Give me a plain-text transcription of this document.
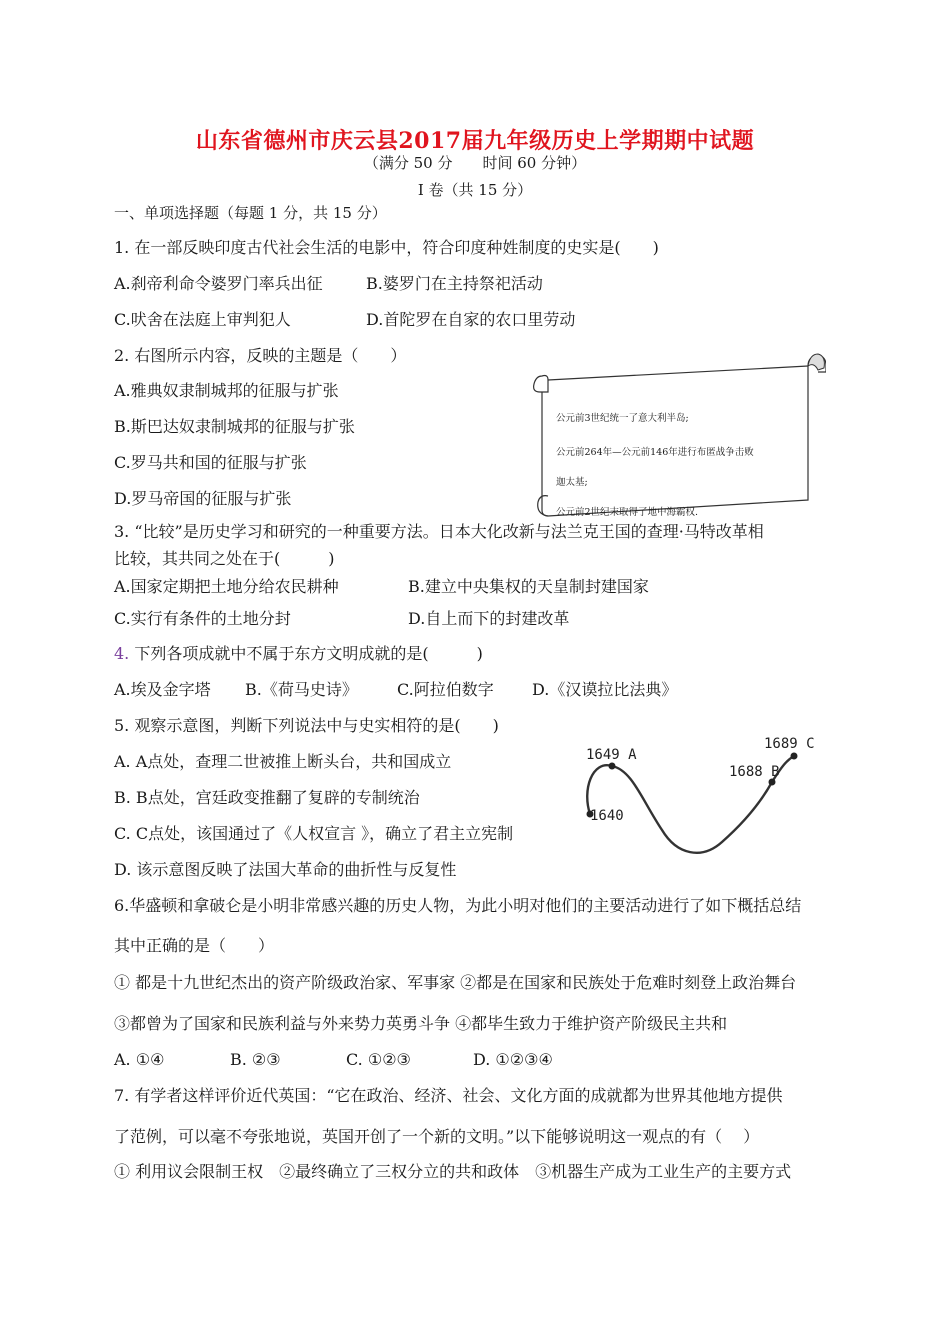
山东省德州市庆云县2017届九年级历史上学期期中试题
（满分 50 分　　时间 60 分钟）
Ⅰ 卷（共 15 分）
一、单项选择题（每题 1 分，共 15 分）
1. 在一部反映印度古代社会生活的电影中，符合印度种姓制度的史实是(　　)
A.刹帝利命令婆罗门率兵出征	B.婆罗门在主持祭祀活动
C.吠舍在法庭上审判犯人	D.首陀罗在自家的农口里劳动
2. 右图所示内容，反映的主题是（　　）
A.雅典奴隶制城邦的征服与扩张
B.斯巴达奴隶制城邦的征服与扩张
C.罗马共和国的征服与扩张
D.罗马帝国的征服与扩张
公元前3世纪统一了意大利半岛;
公元前264年—公元前146年进行布匿战争击败
迦太基;
公元前2世纪末取得了地中海霸权.
3. “比较”是历史学习和研究的一种重要方法。日本大化改新与法兰克王国的查理·马特改革相
比较，其共同之处在于(　　　)
A.国家定期把土地分给农民耕种	B.建立中央集权的天皇制封建国家
C.实行有条件的土地分封	D.自上而下的封建改革
4. 下列各项成就中不属于东方文明成就的是(　　　)
A.埃及金字塔 B.《荷马史诗》 C.阿拉伯数字 D.《汉谟拉比法典》
5. 观察示意图，判断下列说法中与史实相符的是(　　)
A. A点处，查理二世被推上断头台，共和国成立
B. B点处，宫廷政变推翻了复辟的专制统治
C. C点处，该国通过了《人权宣言 》，确立了君主立宪制
D. 该示意图反映了法国大革命的曲折性与反复性
1640
1649 A
1688 B
1689 C
6.华盛顿和拿破仑是小明非常感兴趣的历史人物，为此小明对他们的主要活动进行了如下概括总结
其中正确的是（　　）
① 都是十九世纪杰出的资产阶级政治家、军事家 ②都是在国家和民族处于危难时刻登上政治舞台
③都曾为了国家和民族利益与外来势力英勇斗争 ④都毕生致力于维护资产阶级民主共和
A. ①④	B. ②③	C. ①②③	D. ①②③④
7. 有学者这样评价近代英国：“它在政治、经济、社会、文化方面的成就都为世界其他地方提供
了范例，可以毫不夸张地说，英国开创了一个新的文明。”以下能够说明这一观点的有（　 ）
① 利用议会限制王权　②最终确立了三权分立的共和政体　③机器生产成为工业生产的主要方式
